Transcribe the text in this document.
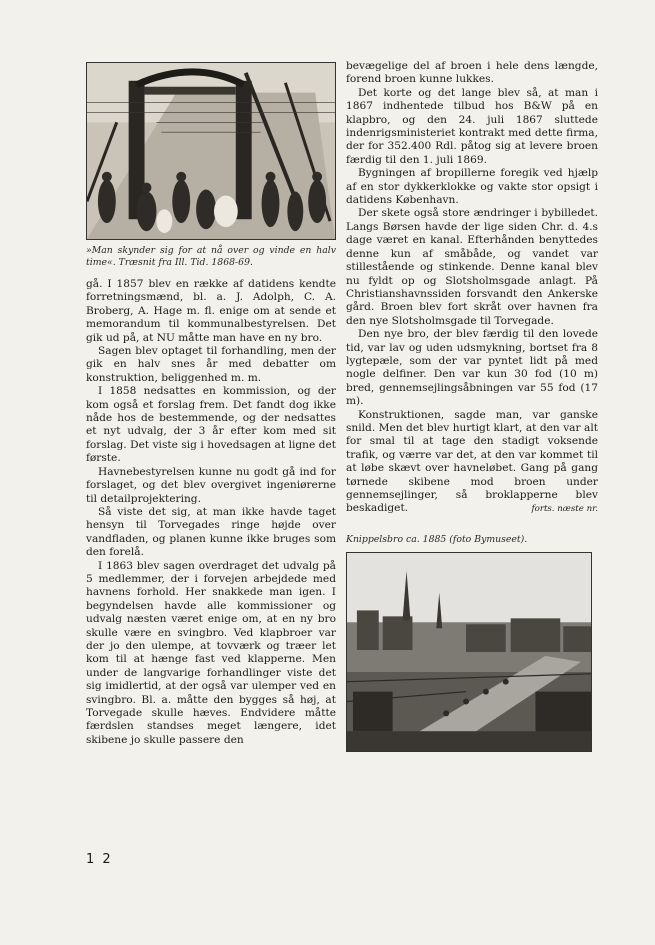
»Man skynder sig for at nå over og vinde en halv time«. Træsnit fra Ill. Tid. 1868-69.

gå. I 1857 blev en række af datidens kendte forretningsmænd, bl. a. J. Adolph, C. A. Broberg, A. Hage m. fl. enige om at sende et memorandum til kommunalbestyrelsen. Det gik ud på, at NU måtte man have en ny bro.

Sagen blev optaget til forhandling, men der gik en halv snes år med debatter om konstruktion, beliggenhed m. m.

I 1858 nedsattes en kommission, og der kom også et forslag frem. Det fandt dog ikke nåde hos de bestemmende, og der nedsattes et nyt udvalg, der 3 år efter kom med sit forslag. Det viste sig i hovedsagen at ligne det første.

Havnebestyrelsen kunne nu godt gå ind for forslaget, og det blev overgivet ingeniørerne til detailprojektering.

Så viste det sig, at man ikke havde taget hensyn til Torvegades ringe højde over vandfladen, og planen kunne ikke bruges som den forelå.

I 1863 blev sagen overdraget det udvalg på 5 medlemmer, der i forvejen arbejdede med havnens forhold. Her snakkede man igen. I begyndelsen havde alle kommissioner og udvalg næsten været enige om, at en ny bro skulle være en svingbro. Ved klapbroer var der jo den ulempe, at tovværk og træer let kom til at hænge fast ved klapperne. Men under de langvarige forhandlinger viste det sig imidlertid, at der også var ulemper ved en svingbro. Bl. a. måtte den bygges så høj, at Torvegade skulle hæves. Endvidere måtte færdslen standses meget længere, idet skibene jo skulle passere den

bevægelige del af broen i hele dens længde, forend broen kunne lukkes.

Det korte og det lange blev så, at man i 1867 indhentede tilbud hos B&W på en klapbro, og den 24. juli 1867 sluttede indenrigsministeriet kontrakt med dette firma, der for 352.400 Rdl. påtog sig at levere broen færdig til den 1. juli 1869.

Bygningen af bropillerne foregik ved hjælp af en stor dykkerklokke og vakte stor opsigt i datidens København.

Der skete også store ændringer i bybilledet. Langs Børsen havde der lige siden Chr. d. 4.s dage været en kanal. Efterhånden benyttedes denne kun af småbåde, og vandet var stillestående og stinkende. Denne kanal blev nu fyldt op og Slotsholmsgade anlagt. På Christianshavnssiden forsvandt den Ankerske gård. Broen blev fort skråt over havnen fra den nye Slotsholmsgade til Torvegade.

Den nye bro, der blev færdig til den lovede tid, var lav og uden udsmykning, bortset fra 8 lygtepæle, som der var pyntet lidt på med nogle delfiner. Den var kun 30 fod (10 m) bred, gennemsejlingsåbningen var 55 fod (17 m).

Konstruktionen, sagde man, var ganske snild. Men det blev hurtigt klart, at den var alt for smal til at tage den stadigt voksende trafik, og værre var det, at den var kommet til at løbe skævt over havneløbet. Gang på gang tørnede skibene mod broen under gennemsejlinger, så broklapperne blev beskadiget.	forts. næste nr.

Knippelsbro ca. 1885 (foto Bymuseet).

1 2
